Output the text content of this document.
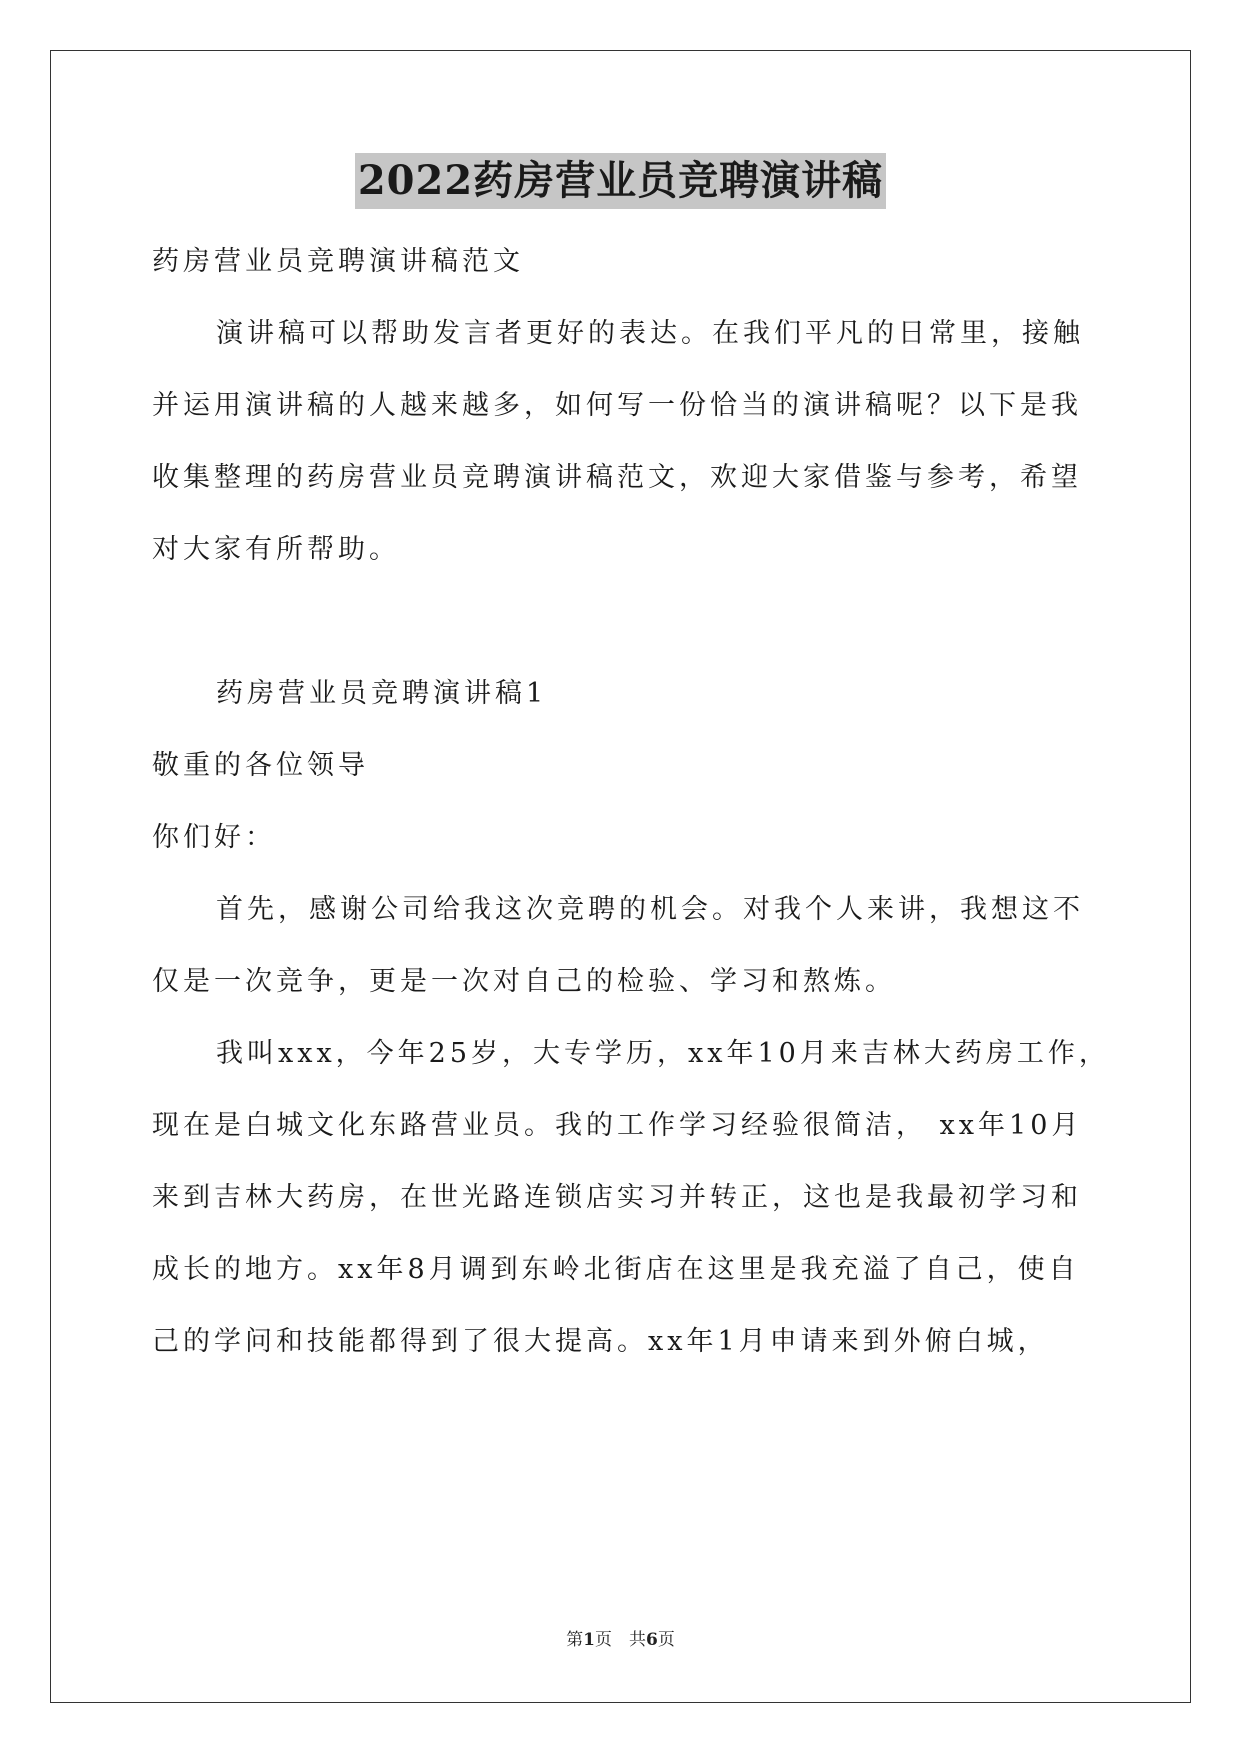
2022药房营业员竞聘演讲稿
药房营业员竞聘演讲稿范文
演讲稿可以帮助发言者更好的表达。在我们平凡的日常里，接触
并运用演讲稿的人越来越多，如何写一份恰当的演讲稿呢？以下是我
收集整理的药房营业员竞聘演讲稿范文，欢迎大家借鉴与参考，希望
对大家有所帮助。
药房营业员竞聘演讲稿1
敬重的各位领导
你们好：
首先，感谢公司给我这次竞聘的机会。对我个人来讲，我想这不
仅是一次竞争，更是一次对自己的检验、学习和熬炼。
我叫xxx，今年25岁，大专学历，xx年10月来吉林大药房工作，
现在是白城文化东路营业员。我的工作学习经验很简洁， xx年10月
来到吉林大药房，在世光路连锁店实习并转正，这也是我最初学习和
成长的地方。xx年8月调到东岭北街店在这里是我充溢了自己，使自
己的学问和技能都得到了很大提高。xx年1月申请来到外俯白城，
第1页　共6页
